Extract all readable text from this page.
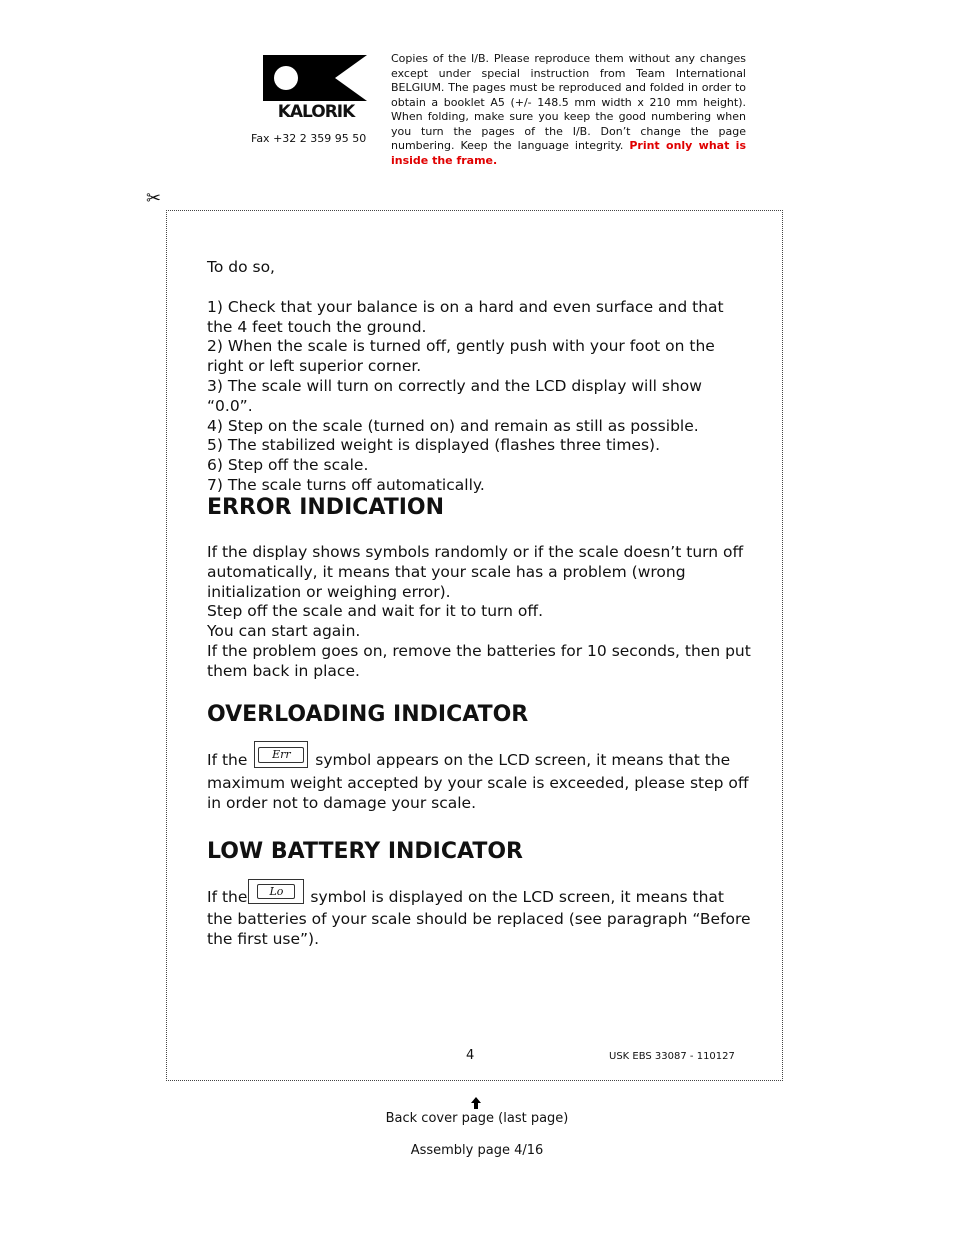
KALORIK
Fax +32 2 359 95 50
Copies of the I/B. Please reproduce them without any changes except under special instruction from Team International BELGIUM. The pages must be reproduced and folded in order to obtain a booklet A5 (+/- 148.5 mm width x 210 mm height). When folding, make sure you keep the good numbering when you turn the pages of the I/B. Don’t change the page numbering. Keep the language integrity. Print only what is inside the frame.
✂

To do so,

1) Check that your balance is on a hard and even surface and that the 4 feet touch the ground.

2) When the scale is turned off, gently push with your foot on the right or left superior corner.

3) The scale will turn on correctly and the LCD display will show “0.0”.

4) Step on the scale (turned on) and remain as still as possible.

5) The stabilized weight is displayed (flashes three times).

6) Step off the scale.

7) The scale turns off automatically.

ERROR INDICATION

If the display shows symbols randomly or if the scale doesn’t turn off automatically, it means that your scale has a problem (wrong initialization or weighing error).

Step off the scale and wait for it to turn off.

You can start again.

If the problem goes on, remove the batteries for 10 seconds, then put them back in place.

OVERLOADING INDICATOR

If the	Err	symbol appears on the LCD screen, it means that the maximum weight accepted by your scale is exceeded, please step off in order not to damage your scale.

LOW BATTERY INDICATOR

If the	Lo	symbol is displayed on the LCD screen, it means that the batteries of your scale should be replaced (see paragraph “Before the first use”).

4	USK EBS 33087 - 110127
Back cover page (last page)
Assembly page 4/16
